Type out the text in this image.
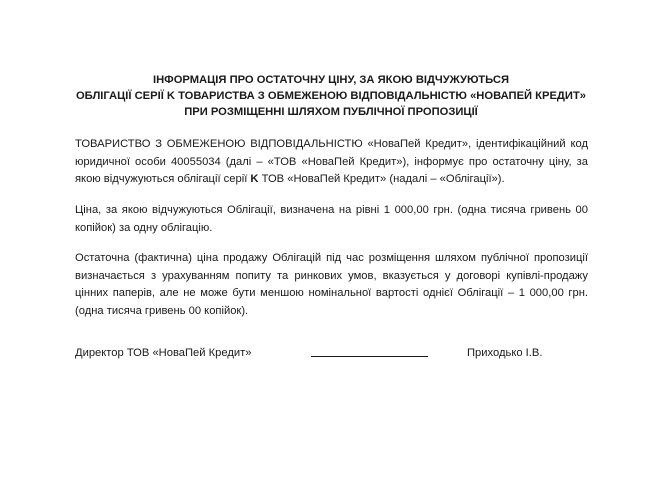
ІНФОРМАЦІЯ ПРО ОСТАТОЧНУ ЦІНУ, ЗА ЯКОЮ ВІДЧУЖУЮТЬСЯ
ОБЛІГАЦІЇ СЕРІЇ K ТОВАРИСТВА З ОБМЕЖЕНОЮ ВІДПОВІДАЛЬНІСТЮ «НОВАПЕЙ КРЕДИТ»
ПРИ РОЗМІЩЕННІ ШЛЯХОМ ПУБЛІЧНОЇ ПРОПОЗИЦІЇ
ТОВАРИСТВО З ОБМЕЖЕНОЮ ВІДПОВІДАЛЬНІСТЮ «НоваПей Кредит», ідентифікаційний код юридичної особи 40055034 (далі – «ТОВ «НоваПей Кредит»), інформує про остаточну ціну, за якою відчужуються облігації серії K ТОВ «НоваПей Кредит» (надалі – «Облігації»).
Ціна, за якою відчужуються Облігації, визначена на рівні 1 000,00 грн. (одна тисяча гривень 00 копійок) за одну облігацію.
Остаточна (фактична) ціна продажу Облігацій під час розміщення шляхом публічної пропозиції визначається з урахуванням попиту та ринкових умов, вказується у договорі купівлі-продажу цінних паперів, але не може бути меншою номінальної вартості однієї Облігації – 1 000,00 грн. (одна тисяча гривень 00 копійок).
Директор ТОВ «НоваПей Кредит»	Приходько І.В.
